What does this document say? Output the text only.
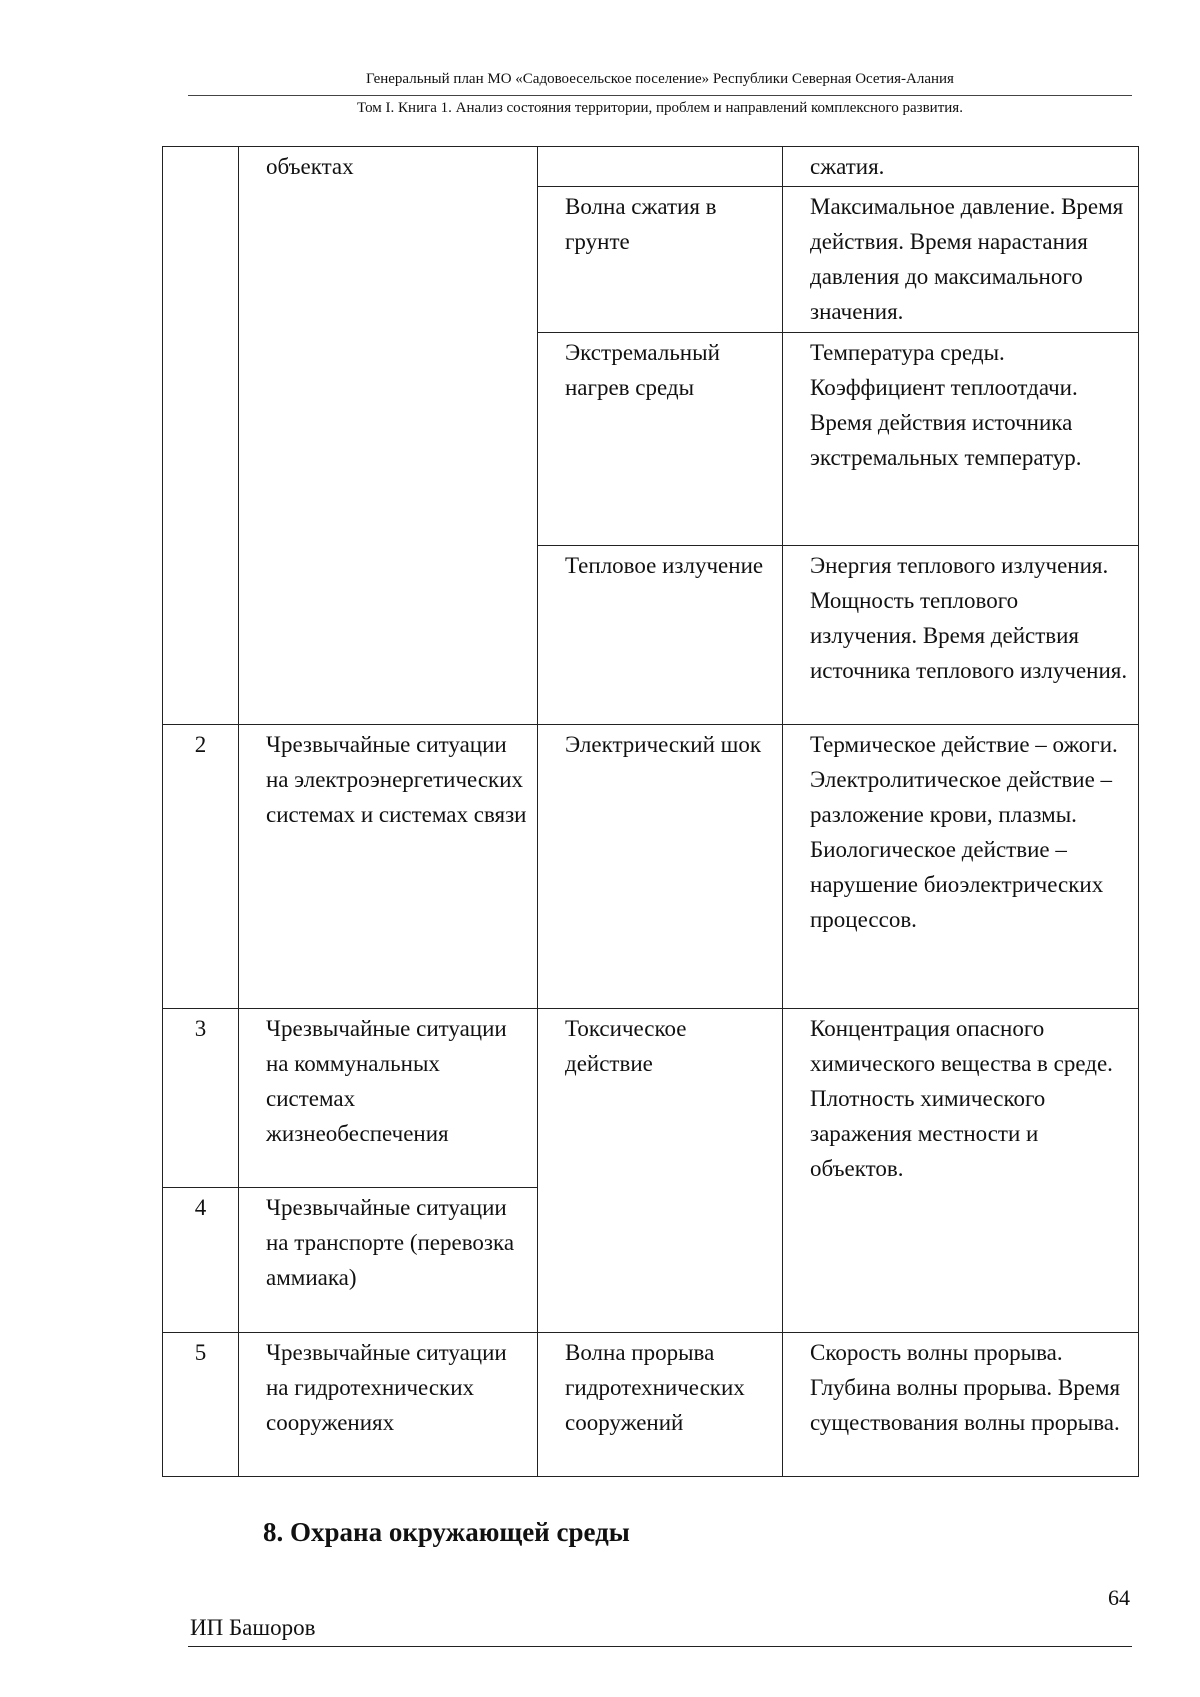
Генеральный план МО «Садовоесельское поселение» Республики Северная Осетия-Алания
Том I. Книга 1. Анализ состояния территории, проблем и направлений комплексного развития.
	объектах		сжатия.
		Волна сжатия в грунте	Максимальное давление. Время действия. Время нарастания давления до максимального значения.
		Экстремальный нагрев среды	Температура среды. Коэффициент теплоотдачи. Время действия источника экстремальных температур.
		Тепловое излучение	Энергия теплового излучения. Мощность теплового излучения. Время действия источника теплового излучения.
2	Чрезвычайные ситуации на электроэнергетических системах и системах связи	Электрический шок	Термическое действие – ожоги. Электролитическое действие – разложение крови, плазмы. Биологическое действие – нарушение биоэлектрических процессов.
3	Чрезвычайные ситуации на коммунальных системах жизнеобеспечения	Токсическое действие	Концентрация опасного химического вещества в среде. Плотность химического заражения местности и объектов.
4	Чрезвычайные ситуации на транспорте (перевозка аммиака)		
5	Чрезвычайные ситуации на гидротехнических сооружениях	Волна прорыва гидротехнических сооружений	Скорость волны прорыва. Глубина волны прорыва. Время существования волны прорыва.
8. Охрана окружающей среды
64
ИП Башоров
